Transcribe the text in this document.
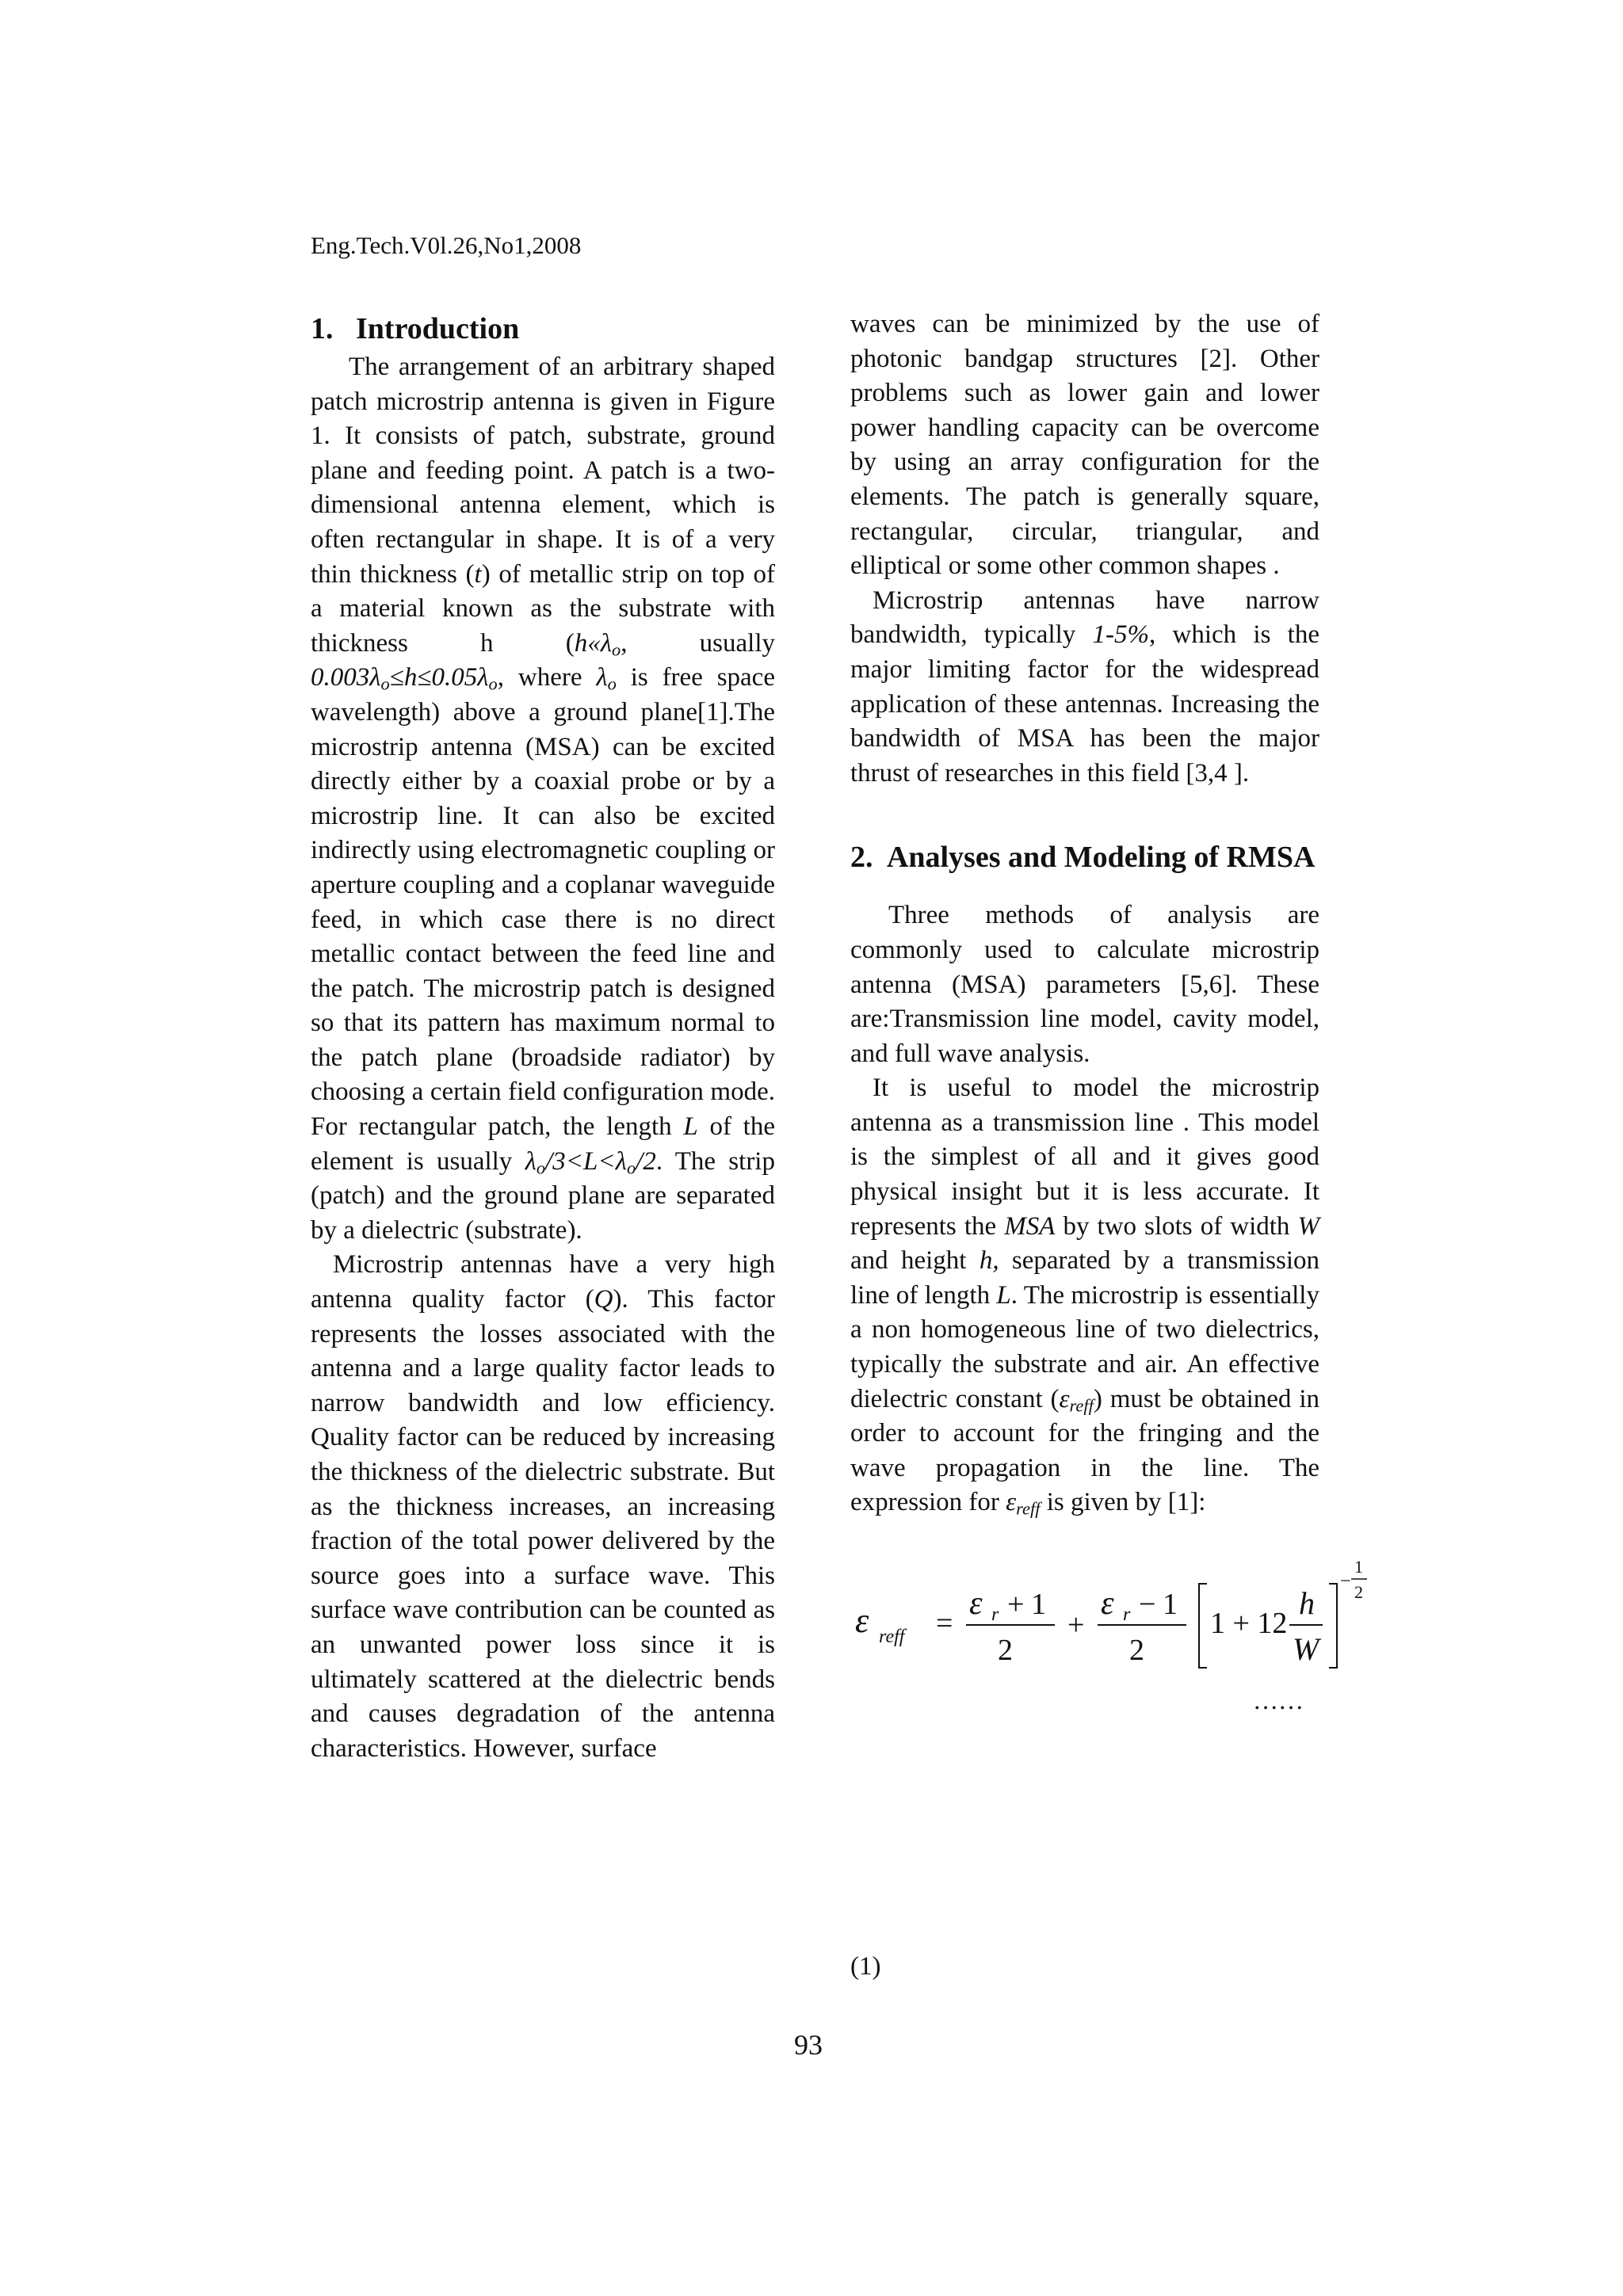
Eng.Tech.V0l.26,No1,2008
1. Introduction

The arrangement of an arbitrary shaped patch microstrip antenna is given in Figure 1. It consists of patch, substrate, ground plane and feeding point. A patch is a two-dimensional antenna element, which is often rectangular in shape. It is of a very thin thickness (t) of metallic strip on top of a material known as the substrate with thickness h ($h«\lambda_o$, usually $0.003\lambda_o\le h\le 0.05\lambda_o$, where $\lambda_o$ is free space wavelength) above a ground plane[1].The microstrip antenna (MSA) can be excited directly either by a coaxial probe or by a microstrip line. It can also be excited indirectly using electromagnetic coupling or aperture coupling and a coplanar waveguide feed, in which case there is no direct metallic contact between the feed line and the patch. The microstrip patch is designed so that its pattern has maximum normal to the patch plane (broadside radiator) by choosing a certain field configuration mode. For rectangular patch, the length L of the element is usually $\lambda_o/3<L<\lambda_o/2$. The strip (patch) and the ground plane are separated by a dielectric (substrate).

Microstrip antennas have a very high antenna quality factor (Q). This factor represents the losses associated with the antenna and a large quality factor leads to narrow bandwidth and low efficiency. Quality factor can be reduced by increasing the thickness of the dielectric substrate. But as the thickness increases, an increasing fraction of the total power delivered by the source goes into a surface wave. This surface wave contribution can be counted as an unwanted power loss since it is ultimately scattered at the dielectric bends and causes degradation of the antenna characteristics. However, surface

waves can be minimized by the use of photonic bandgap structures [2]. Other problems such as lower gain and lower power handling capacity can be overcome by using an array configuration for the elements. The patch is generally square, rectangular, circular, triangular, and elliptical or some other common shapes .

Microstrip antennas have narrow bandwidth, typically 1-5%, which is the major limiting factor for the widespread application of these antennas. Increasing the bandwidth of MSA has been the major thrust of researches in this field [3,4 ].

2. Analyses and Modeling of RMSA

Three methods of analysis are commonly used to calculate microstrip antenna (MSA) parameters [5,6]. These are:Transmission line model, cavity model, and full wave analysis.

It is useful to model the microstrip antenna as a transmission line . This model is the simplest of all and it gives good physical insight but it is less accurate. It represents the MSA by two slots of width W and height h, separated by a transmission line of length L. The microstrip is essentially a non homogeneous line of two dielectrics, typically the substrate and air. An effective dielectric constant $(\varepsilon_{reff})$ must be obtained in order to account for the fringing and the wave propagation in the line. The expression for $\varepsilon_{reff}$ is given by [1]:

ε reff =
ε r + 1
2
+
ε r − 1
2
1 + 12
h
W
−
1
2
……
(1)
93
